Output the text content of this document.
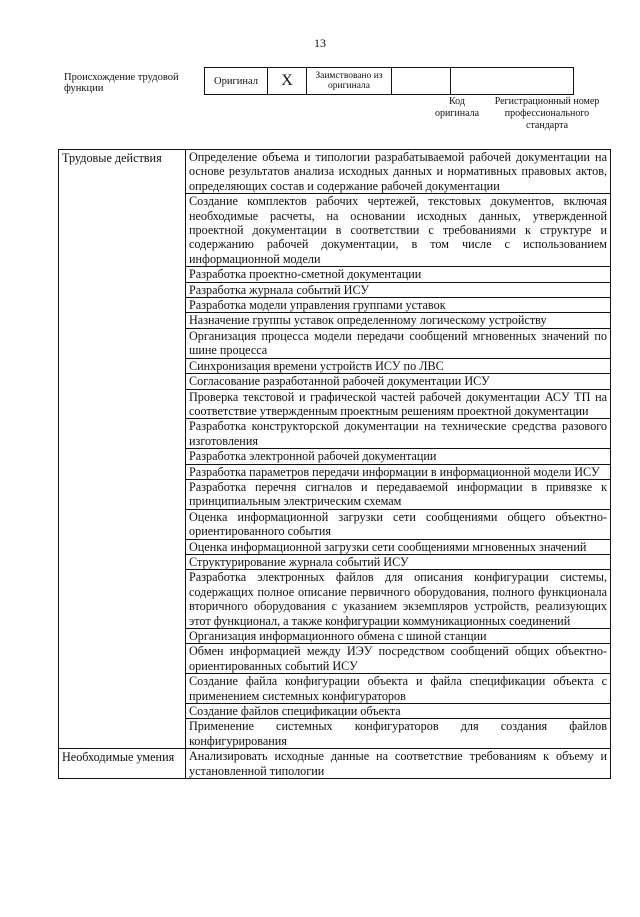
13
Происхождение трудовой функции
Оригинал	X	Заимствовано из оригинала		
Код оригинала
Регистрационный номер профессионального стандарта
Трудовые действия	Определение объема и типологии разрабатываемой рабочей документации на основе результатов анализа исходных данных и нормативных правовых актов, определяющих состав и содержание рабочей документации
	Создание комплектов рабочих чертежей, текстовых документов, включая необходимые расчеты, на основании исходных данных, утвержденной проектной документации в соответствии с требованиями к структуре и содержанию рабочей документации, в том числе с использованием информационной модели
	Разработка проектно-сметной документации
	Разработка журнала событий ИСУ
	Разработка модели управления группами уставок
	Назначение группы уставок определенному логическому устройству
	Организация процесса модели передачи сообщений мгновенных значений по шине процесса
	Синхронизация времени устройств ИСУ по ЛВС
	Согласование разработанной рабочей документации ИСУ
	Проверка текстовой и графической частей рабочей документации АСУ ТП на соответствие утвержденным проектным решениям проектной документации
	Разработка конструкторской документации на технические средства разового изготовления
	Разработка электронной рабочей документации
	Разработка параметров передачи информации в информационной модели ИСУ
	Разработка перечня сигналов и передаваемой информации в привязке к принципиальным электрическим схемам
	Оценка информационной загрузки сети сообщениями общего объектно-ориентированного события
	Оценка информационной загрузки сети сообщениями мгновенных значений
	Структурирование журнала событий ИСУ
	Разработка электронных файлов для описания конфигурации системы, содержащих полное описание первичного оборудования, полного функционала вторичного оборудования с указанием экземпляров устройств, реализующих этот функционал, а также конфигурации коммуникационных соединений
	Организация информационного обмена с шиной станции
	Обмен информацией между ИЭУ посредством сообщений общих объектно-ориентированных событий ИСУ
	Создание файла конфигурации объекта и файла спецификации объекта с применением системных конфигураторов
	Создание файлов спецификации объекта
	Применение системных конфигураторов для создания файлов конфигурирования
Необходимые умения	Анализировать исходные данные на соответствие требованиям к объему и установленной типологии
